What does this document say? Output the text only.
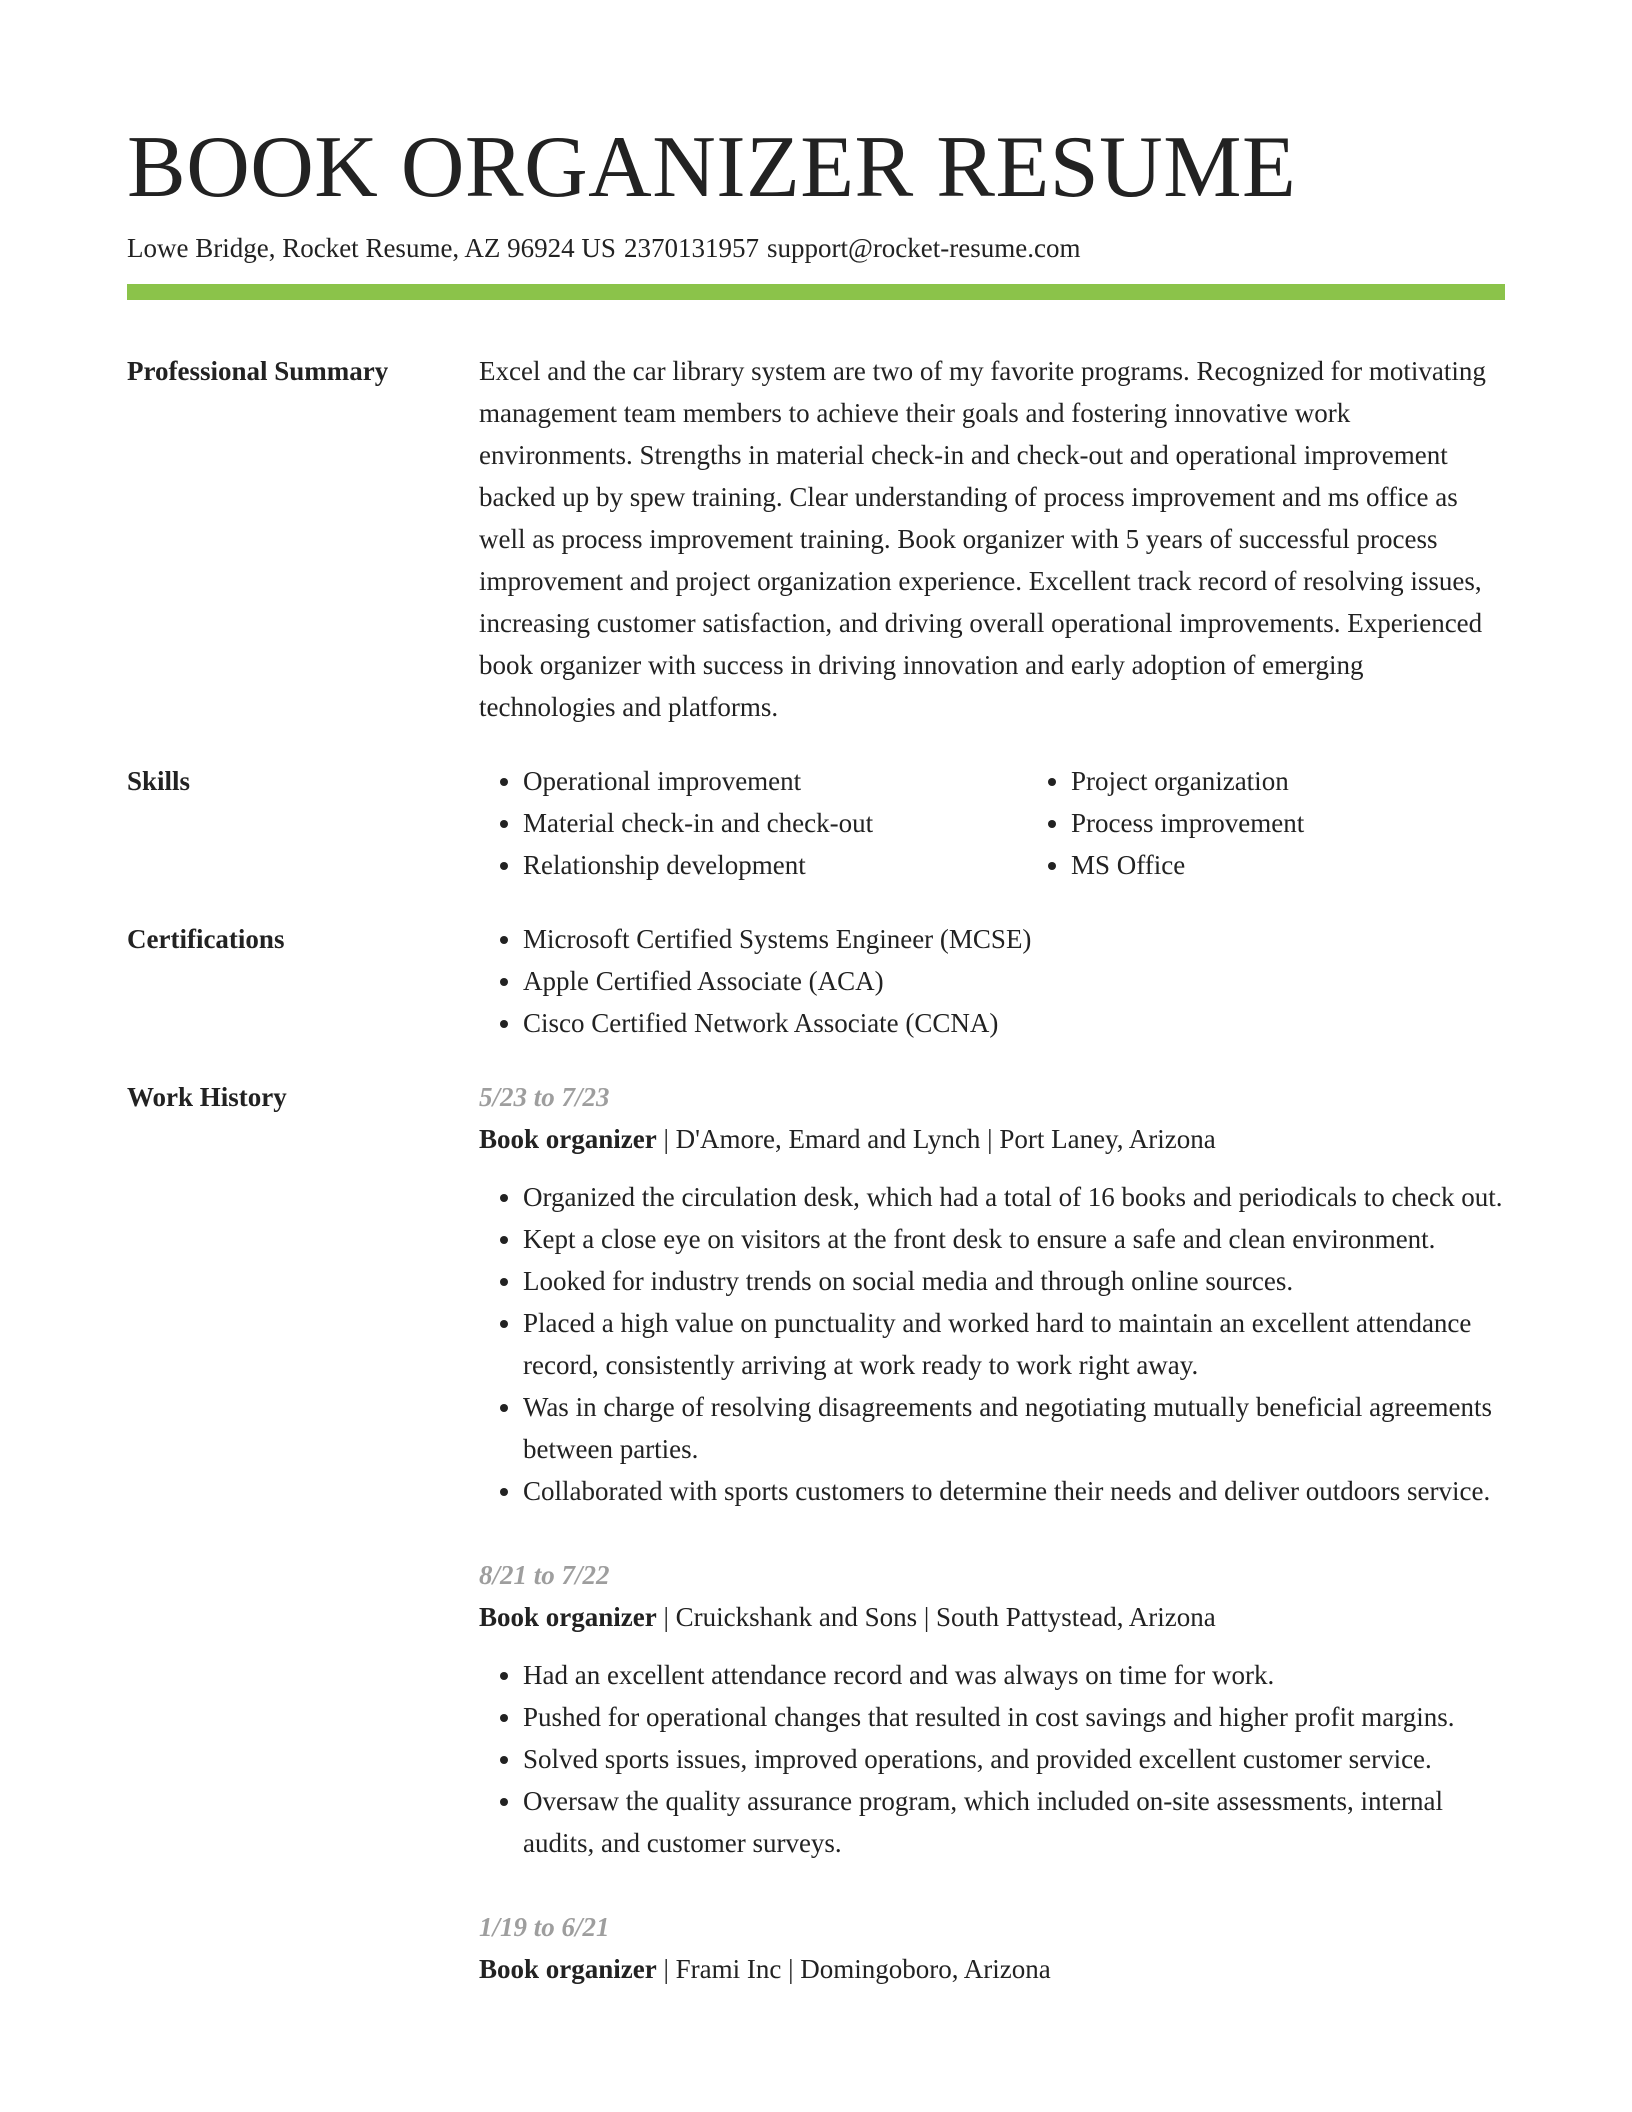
BOOK ORGANIZER RESUME
Lowe Bridge, Rocket Resume, AZ 96924 US 2370131957 support@rocket-resume.com
Professional Summary	Excel and the car library system are two of my favorite programs. Recognized for motivating management team members to achieve their goals and fostering innovative work environments. Strengths in material check-in and check-out and operational improvement backed up by spew training. Clear understanding of process improvement and ms office as well as process improvement training. Book organizer with 5 years of successful process improvement and project organization experience. Excellent track record of resolving issues, increasing customer satisfaction, and driving overall operational improvements. Experienced book organizer with success in driving innovation and early adoption of emerging technologies and platforms.

Skills	• Operational improvement
• Material check-in and check-out
• Relationship development
• Project organization
• Process improvement
• MS Office
Certifications	• Microsoft Certified Systems Engineer (MCSE)
• Apple Certified Associate (ACA)
• Cisco Certified Network Associate (CCNA)
Work History	5/23 to 7/23
Book organizer | D'Amore, Emard and Lynch | Port Laney, Arizona
• Organized the circulation desk, which had a total of 16 books and periodicals to check out.
• Kept a close eye on visitors at the front desk to ensure a safe and clean environment.
• Looked for industry trends on social media and through online sources.
• Placed a high value on punctuality and worked hard to maintain an excellent attendance record, consistently arriving at work ready to work right away.
• Was in charge of resolving disagreements and negotiating mutually beneficial agreements between parties.
• Collaborated with sports customers to determine their needs and deliver outdoors service.
8/21 to 7/22
Book organizer | Cruickshank and Sons | South Pattystead, Arizona
• Had an excellent attendance record and was always on time for work.
• Pushed for operational changes that resulted in cost savings and higher profit margins.
• Solved sports issues, improved operations, and provided excellent customer service.
• Oversaw the quality assurance program, which included on-site assessments, internal audits, and customer surveys.
1/19 to 6/21
Book organizer | Frami Inc | Domingoboro, Arizona
